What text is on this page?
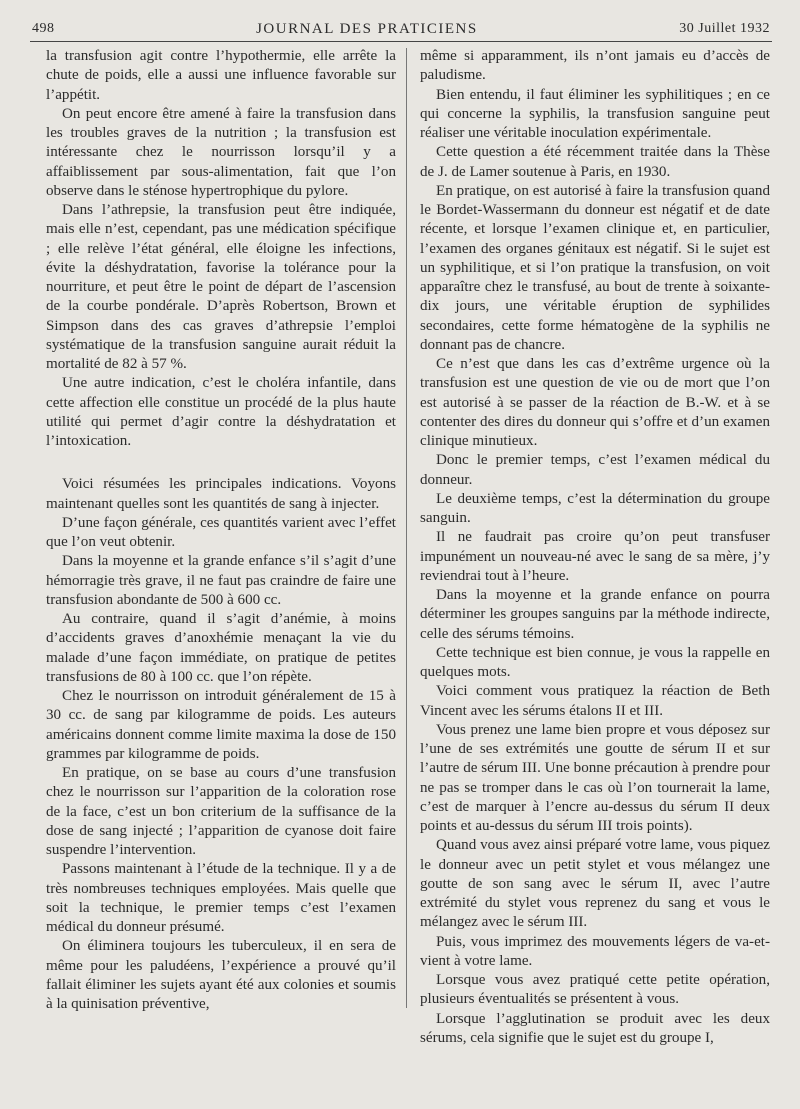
498	JOURNAL DES PRATICIENS	30 Juillet 1932

la transfusion agit contre l’hypothermie, elle arrête la chute de poids, elle a aussi une influence favorable sur l’appétit.

On peut encore être amené à faire la transfusion dans les troubles graves de la nutrition ; la transfusion est intéressante chez le nourrisson lorsqu’il y a affaiblissement par sous-alimentation, fait que l’on observe dans le sténose hypertrophique du pylore.

Dans l’athrepsie, la transfusion peut être indiquée, mais elle n’est, cependant, pas une médication spécifique ; elle relève l’état général, elle éloigne les infections, évite la déshydratation, favorise la tolérance pour la nourriture, et peut être le point de départ de l’ascension de la courbe pondérale. D’après Robertson, Brown et Simpson dans des cas graves d’athrepsie l’emploi systématique de la transfusion sanguine aurait réduit la mortalité de 82 à 57 %.

Une autre indication, c’est le choléra infantile, dans cette affection elle constitue un procédé de la plus haute utilité qui permet d’agir contre la déshydratation et l’intoxication.

Voici résumées les principales indications. Voyons maintenant quelles sont les quantités de sang à injecter.

D’une façon générale, ces quantités varient avec l’effet que l’on veut obtenir.

Dans la moyenne et la grande enfance s’il s’agit d’une hémorragie très grave, il ne faut pas craindre de faire une transfusion abondante de 500 à 600 cc.

Au contraire, quand il s’agit d’anémie, à moins d’accidents graves d’anoxhémie menaçant la vie du malade d’une façon immédiate, on pratique de petites transfusions de 80 à 100 cc. que l’on répète.

Chez le nourrisson on introduit généralement de 15 à 30 cc. de sang par kilogramme de poids. Les auteurs américains donnent comme limite maxima la dose de 150 grammes par kilogramme de poids.

En pratique, on se base au cours d’une transfusion chez le nourrisson sur l’apparition de la coloration rose de la face, c’est un bon criterium de la suffisance de la dose de sang injecté ; l’apparition de cyanose doit faire suspendre l’intervention.

Passons maintenant à l’étude de la technique. Il y a de très nombreuses techniques employées. Mais quelle que soit la technique, le premier temps c’est l’examen médical du donneur présumé.

On éliminera toujours les tuberculeux, il en sera de même pour les paludéens, l’expérience a prouvé qu’il fallait éliminer les sujets ayant été aux colonies et soumis à la quinisation préventive,

même si apparamment, ils n’ont jamais eu d’accès de paludisme.

Bien entendu, il faut éliminer les syphilitiques ; en ce qui concerne la syphilis, la transfusion sanguine peut réaliser une véritable inoculation expérimentale.

Cette question a été récemment traitée dans la Thèse de J. de Lamer soutenue à Paris, en 1930.

En pratique, on est autorisé à faire la transfusion quand le Bordet-Wassermann du donneur est négatif et de date récente, et lorsque l’examen clinique et, en particulier, l’examen des organes génitaux est négatif. Si le sujet est un syphilitique, et si l’on pratique la transfusion, on voit apparaître chez le transfusé, au bout de trente à soixante-dix jours, une véritable éruption de syphilides secondaires, cette forme hématogène de la syphilis ne donnant pas de chancre.

Ce n’est que dans les cas d’extrême urgence où la transfusion est une question de vie ou de mort que l’on est autorisé à se passer de la réaction de B.-W. et à se contenter des dires du donneur qui s’offre et d’un examen clinique minutieux.

Donc le premier temps, c’est l’examen médical du donneur.

Le deuxième temps, c’est la détermination du groupe sanguin.

Il ne faudrait pas croire qu’on peut transfuser impunément un nouveau-né avec le sang de sa mère, j’y reviendrai tout à l’heure.

Dans la moyenne et la grande enfance on pourra déterminer les groupes sanguins par la méthode indirecte, celle des sérums témoins.

Cette technique est bien connue, je vous la rappelle en quelques mots.

Voici comment vous pratiquez la réaction de Beth Vincent avec les sérums étalons II et III.

Vous prenez une lame bien propre et vous déposez sur l’une de ses extrémités une goutte de sérum II et sur l’autre de sérum III. Une bonne précaution à prendre pour ne pas se tromper dans le cas où l’on tournerait la lame, c’est de marquer à l’encre au-dessus du sérum II deux points et au-dessus du sérum III trois points).

Quand vous avez ainsi préparé votre lame, vous piquez le donneur avec un petit stylet et vous mélangez une goutte de son sang avec le sérum II, avec l’autre extrémité du stylet vous reprenez du sang et vous le mélangez avec le sérum III.

Puis, vous imprimez des mouvements légers de va-et-vient à votre lame.

Lorsque vous avez pratiqué cette petite opération, plusieurs éventualités se présentent à vous.

Lorsque l’agglutination se produit avec les deux sérums, cela signifie que le sujet est du groupe I,
